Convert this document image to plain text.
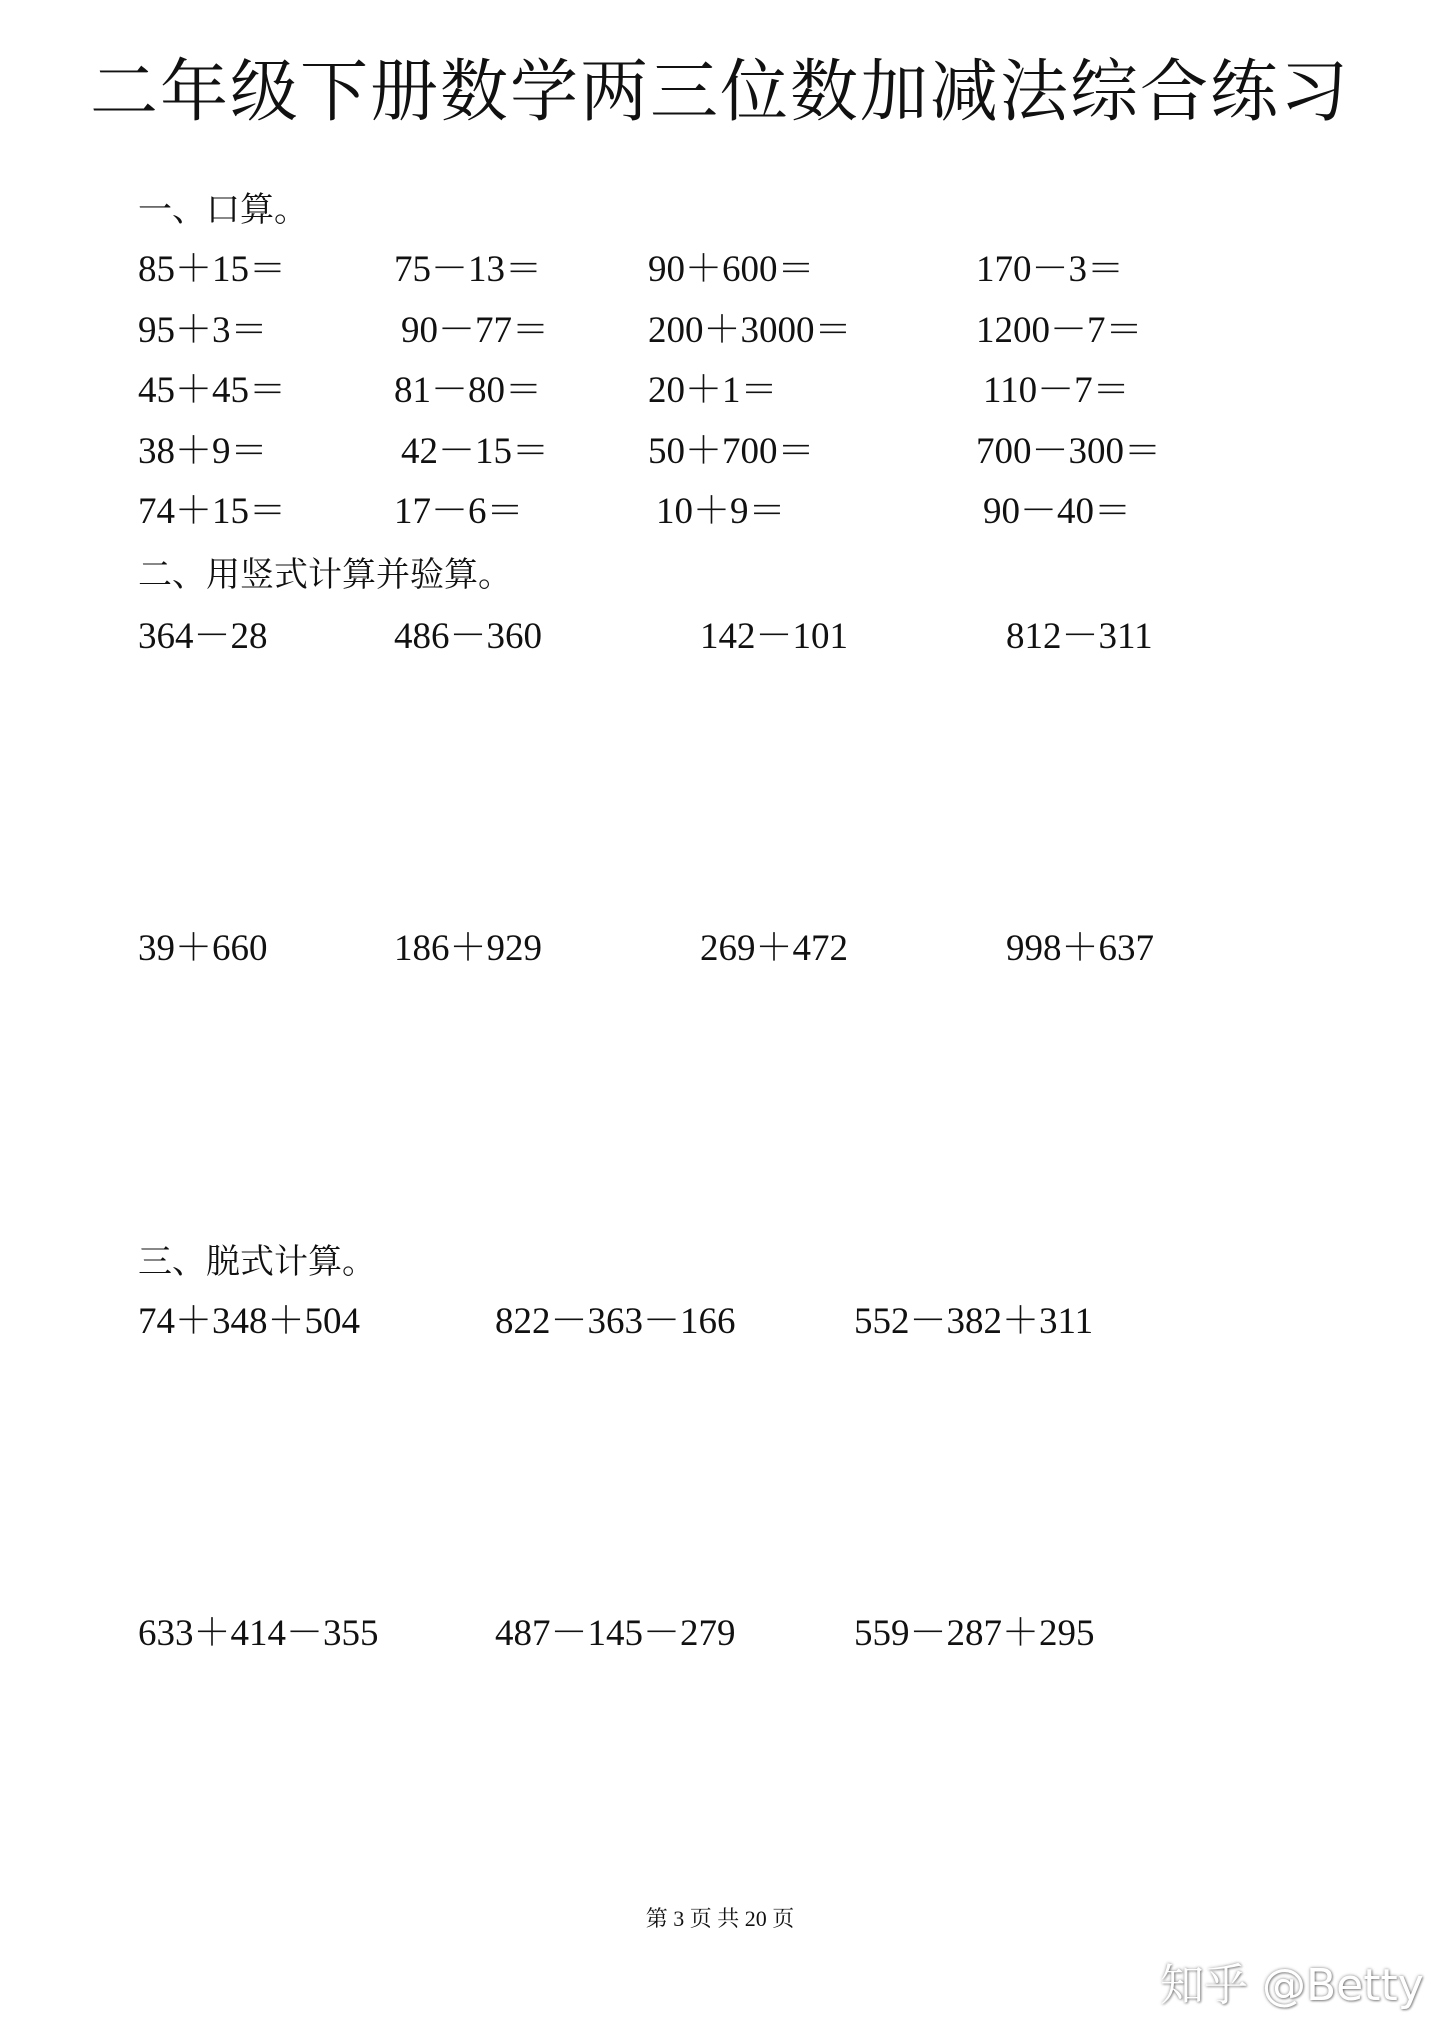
二年级下册数学两三位数加减法综合练习
一、口算。
85＋15＝	75－13＝	90＋600＝	170－3＝
95＋3＝	90－77＝	200＋3000＝	1200－7＝
45＋45＝	81－80＝	20＋1＝	110－7＝
38＋9＝	42－15＝	50＋700＝	700－300＝
74＋15＝	17－6＝	10＋9＝	90－40＝
二、用竖式计算并验算。
364－28	486－360	142－101	812－311
39＋660	186＋929	269＋472	998＋637
三、脱式计算。
74＋348＋504	822－363－166	552－382＋311
633＋414－355	487－145－279	559－287＋295
第 3 页 共 20 页
知乎 @Betty
